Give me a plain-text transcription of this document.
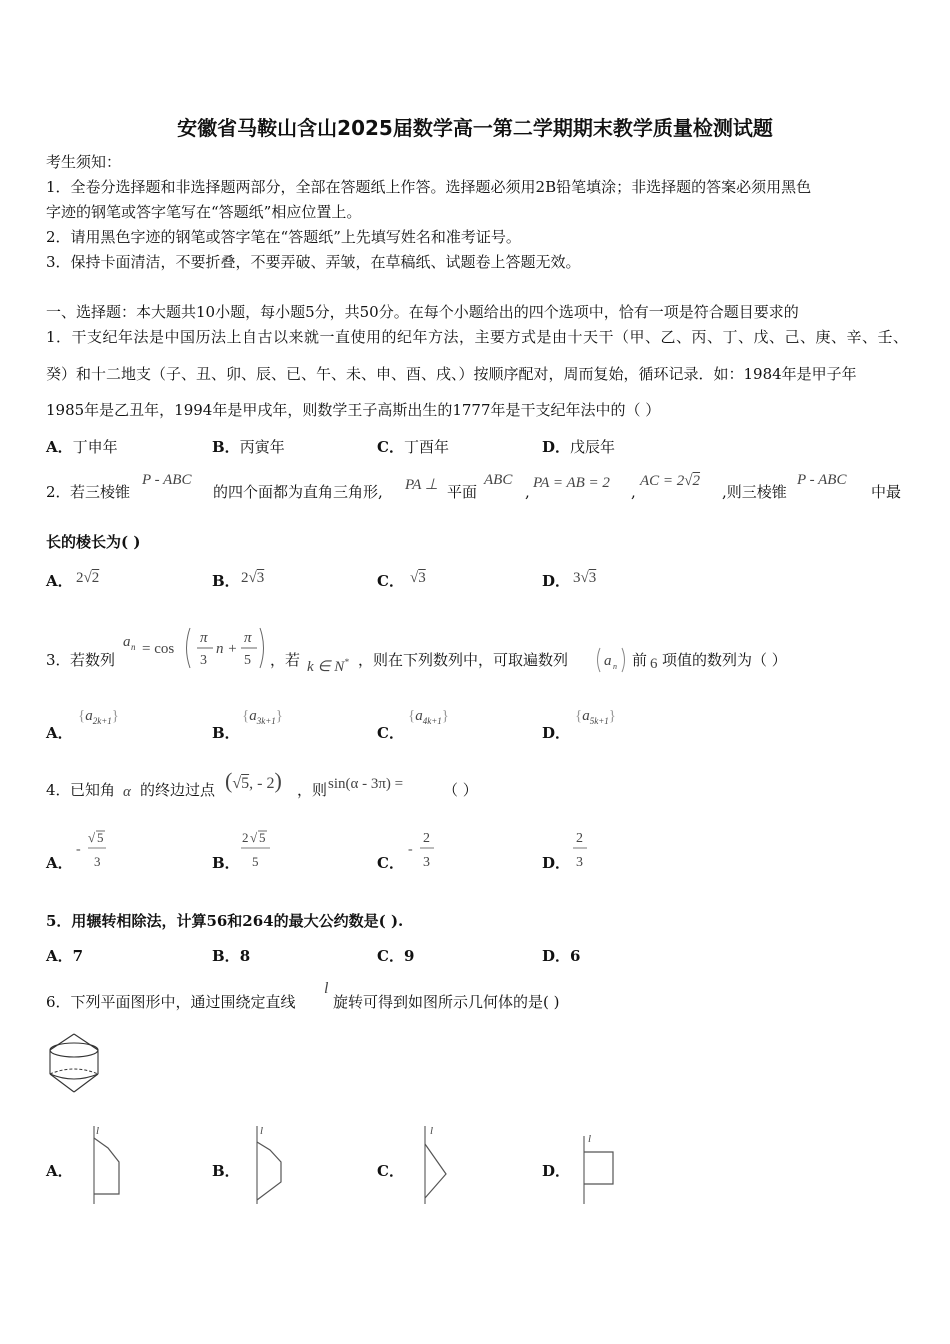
安徽省马鞍山含山2025届数学高一第二学期期末教学质量检测试题
考生须知：
1．全卷分选择题和非选择题两部分，全部在答题纸上作答。选择题必须用2B铅笔填涂；非选择题的答案必须用黑色
字迹的钢笔或答字笔写在“答题纸”相应位置上。
2．请用黑色字迹的钢笔或答字笔在“答题纸”上先填写姓名和准考证号。
3．保持卡面清洁，不要折叠，不要弄破、弄皱，在草稿纸、试题卷上答题无效。
一、选择题：本大题共10小题，每小题5分，共50分。在每个小题给出的四个选项中，恰有一项是符合题目要求的
1．干支纪年法是中国历法上自古以来就一直使用的纪年方法，主要方式是由十天干（甲、乙、丙、丁、戊、己、庚、辛、壬、
癸）和十二地支（子、丑、卯、辰、已、午、未、申、酉、戌、）按顺序配对，周而复始，循环记录．如：1984年是甲子年
1985年是乙丑年，1994年是甲戌年，则数学王子高斯出生的1777年是干支纪年法中的（ ）
A．丁申年	B．丙寅年	C．丁酉年	D．戊辰年
2． 若三棱锥
P - ABC
的四个面都为直角三角形, PA ⊥ 平面
ABC
, PA = AB = 2 ,
AC = 2√2
,则三棱锥
P - ABC
中最
长的棱长为( )
A． 2√2	B． 2√3	C． √3	D． 3√3
3． 若数列
a n = cos
π
3
n +
π
5 ，若 k ∈ N* ，则在下列数列中，可取遍数列 a n 前 6 项值的数列为（ ）
A．
$\{a_{2k+1}\}$
B．
$\{a_{3k+1}\}$
C．
$\{a_{4k+1}\}$
D．
$\{a_{5k+1}\}$
4． 已知角 α 的终边过点 (√5, - 2) ，则 sin(α - 3π) =	（ ）
A．
-
√ 5
3	B．
2 √ 5
5	C．
-
2
3	D．
2
3
5．用辗转相除法，计算56和264的最大公约数是( ).
A．7	B．8	C．9	D．6
6．下列平面图形中，通过围绕定直线
l
旋转可得到如图所示几何体的是( )
A．
l
B．
l
C．
l
D．
l
